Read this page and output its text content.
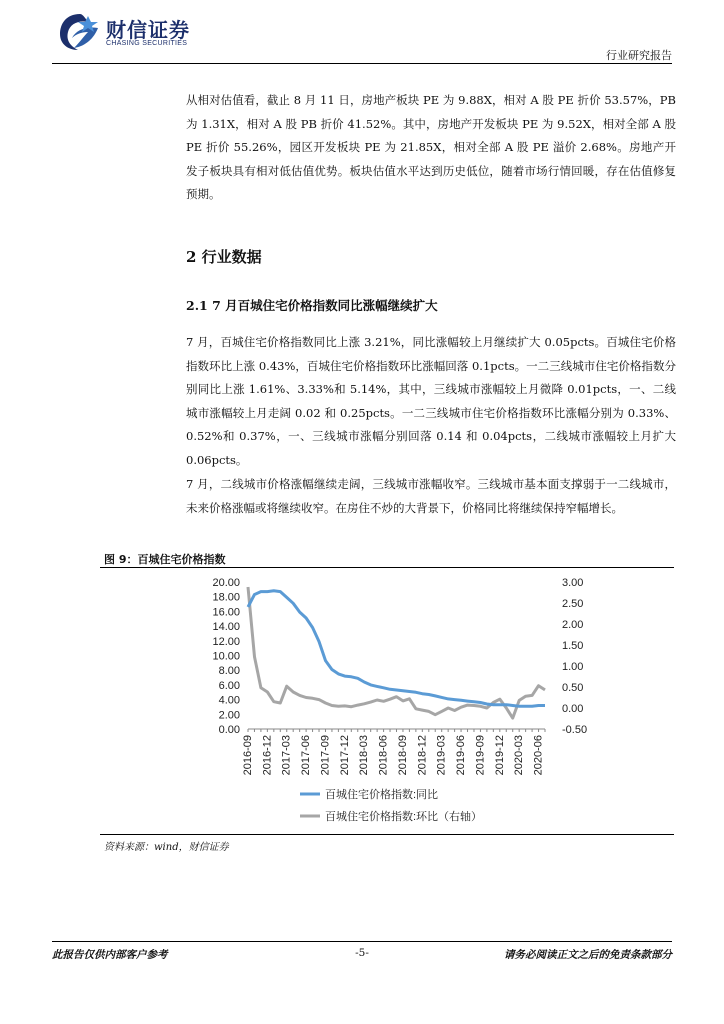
财信证券
CHASING SECURITIES
行业研究报告

从相对估值看，截止 8 月 11 日，房地产板块 PE 为 9.88X，相对 A 股 PE 折价 53.57%，PB 为 1.31X，相对 A 股 PB 折价 41.52%。其中，房地产开发板块 PE 为 9.52X，相对全部 A 股 PE 折价 55.26%，园区开发板块 PE 为 21.85X，相对全部 A 股 PE 溢价 2.68%。房地产开发子板块具有相对低估值优势。板块估值水平达到历史低位，随着市场行情回暖，存在估值修复预期。

2 行业数据
2.1 7 月百城住宅价格指数同比涨幅继续扩大

7 月，百城住宅价格指数同比上涨 3.21%，同比涨幅较上月继续扩大 0.05pcts。百城住宅价格指数环比上涨 0.43%，百城住宅价格指数环比涨幅回落 0.1pcts。一二三线城市住宅价格指数分别同比上涨 1.61%、3.33%和 5.14%，其中，三线城市涨幅较上月微降 0.01pcts，一、二线城市涨幅较上月走阔 0.02 和 0.25pcts。一二三线城市住宅价格指数环比涨幅分别为 0.33%、0.52%和 0.37%，一、三线城市涨幅分别回落 0.14 和 0.04pcts，二线城市涨幅较上月扩大 0.06pcts。

7 月，二线城市价格涨幅继续走阔，三线城市涨幅收窄。三线城市基本面支撑弱于一二线城市，未来价格涨幅或将继续收窄。在房住不炒的大背景下，价格同比将继续保持窄幅增长。

图 9：百城住宅价格指数
0.00
2.00
4.00
6.00
8.00
10.00
12.00
14.00
16.00
18.00
20.00
-0.50
0.00
0.50
1.00
1.50
2.00
2.50
3.00
2016-09 2016-12 2017-03 2017-06 2017-09 2017-12 2018-03 2018-06 2018-09 2018-12 2019-03 2019-06 2019-09 2019-12 2020-03 2020-06
百城住宅价格指数:同比
百城住宅价格指数:环比（右轴）
资料来源：wind，财信证券
此报告仅供内部客户参考	-5-	请务必阅读正文之后的免责条款部分
